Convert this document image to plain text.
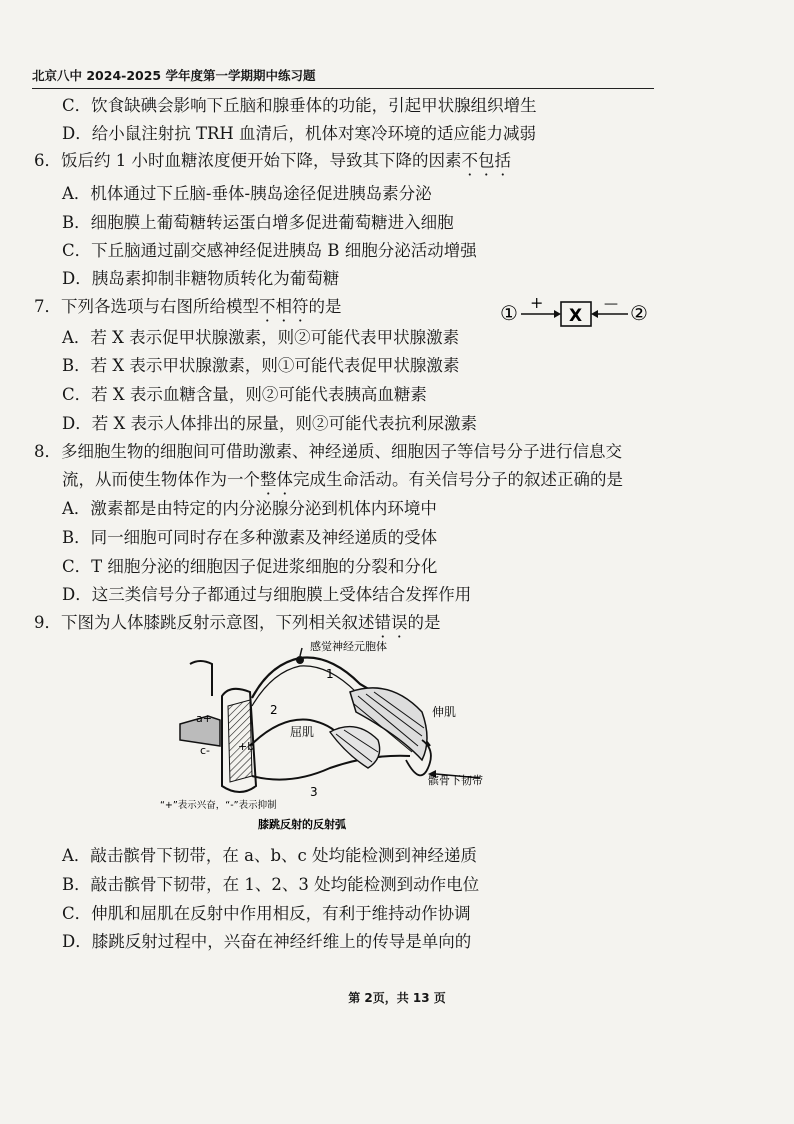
北京八中 2024-2025 学年度第一学期期中练习题
C．饮食缺碘会影响下丘脑和腺垂体的功能，引起甲状腺组织增生
D．给小鼠注射抗 TRH 血清后，机体对寒冷环境的适应能力减弱
6．饭后约 1 小时血糖浓度便开始下降，导致其下降的因素不包括
A．机体通过下丘脑-垂体-胰岛途径促进胰岛素分泌
B．细胞膜上葡萄糖转运蛋白增多促进葡萄糖进入细胞
C．下丘脑通过副交感神经促进胰岛 B 细胞分泌活动增强
D．胰岛素抑制非糖物质转化为葡萄糖
7．下列各选项与右图所给模型不相符的是	① +
X
— ②
A．若 X 表示促甲状腺激素，则②可能代表甲状腺激素
B．若 X 表示甲状腺激素，则①可能代表促甲状腺激素
C．若 X 表示血糖含量，则②可能代表胰高血糖素
D．若 X 表示人体排出的尿量，则②可能代表抗利尿激素
8．多细胞生物的细胞间可借助激素、神经递质、细胞因子等信号分子进行信息交
流，从而使生物体作为一个整体完成生命活动。有关信号分子的叙述正确的是
A．激素都是由特定的内分泌腺分泌到机体内环境中
B．同一细胞可同时存在多种激素及神经递质的受体
C．T 细胞分泌的细胞因子促进浆细胞的分裂和分化
D．这三类信号分子都通过与细胞膜上受体结合发挥作用
9．下图为人体膝跳反射示意图，下列相关叙述错误的是
感觉神经元胞体
1
2
3
a+
+b
c-
伸肌
屈肌
髌骨下韧带
“+”表示兴奋，“-”表示抑制
膝跳反射的反射弧
A．敲击髌骨下韧带，在 a、b、c 处均能检测到神经递质
B．敲击髌骨下韧带，在 1、2、3 处均能检测到动作电位
C．伸肌和屈肌在反射中作用相反，有利于维持动作协调
D．膝跳反射过程中，兴奋在神经纤维上的传导是单向的
第 2页，共 13 页
